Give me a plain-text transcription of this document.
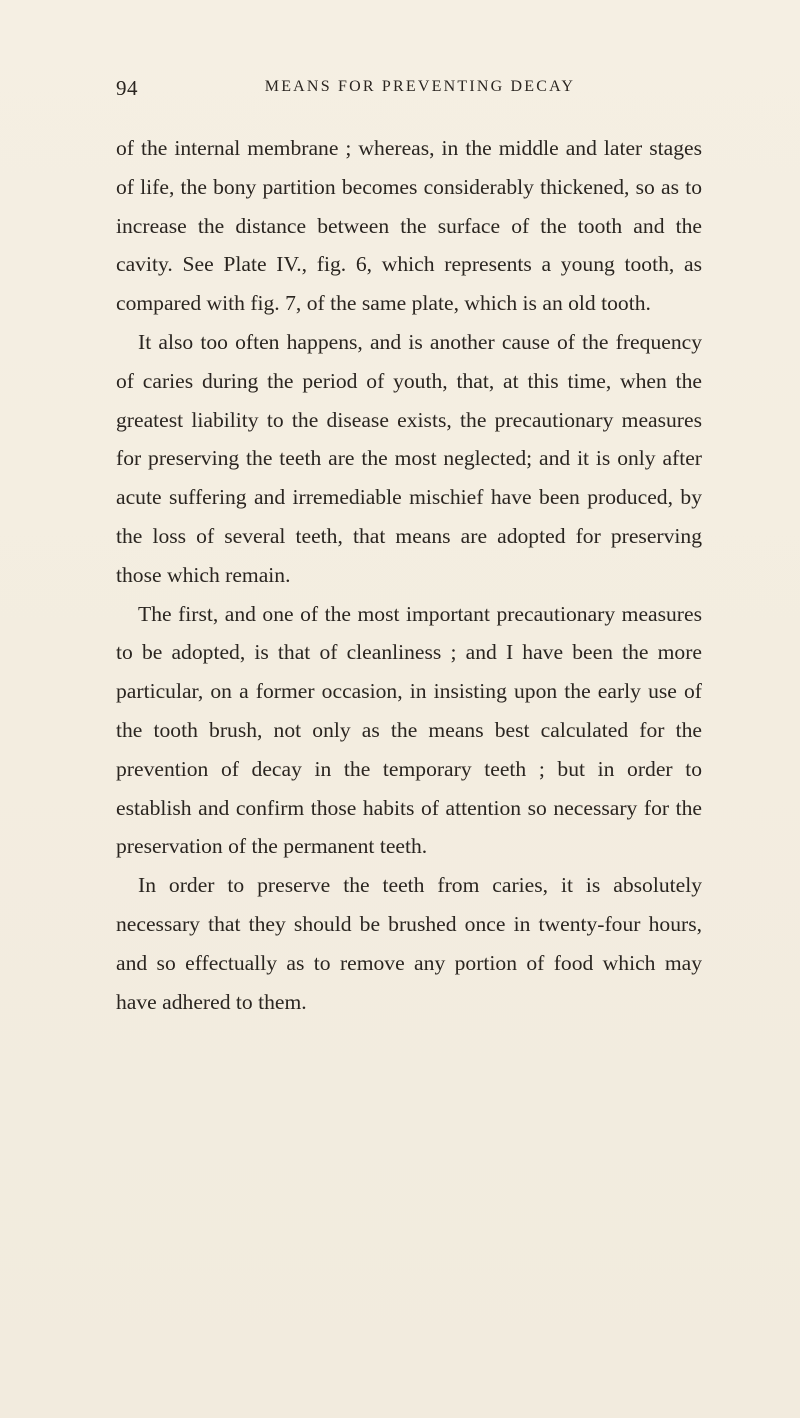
94	MEANS FOR PREVENTING DECAY

of the internal membrane ; whereas, in the middle and later stages of life, the bony partition becomes considerably thickened, so as to increase the distance between the surface of the tooth and the cavity. See Plate IV., fig. 6, which represents a young tooth, as compared with fig. 7, of the same plate, which is an old tooth.

It also too often happens, and is another cause of the frequency of caries during the period of youth, that, at this time, when the greatest liability to the disease exists, the precautionary measures for preserving the teeth are the most neglected; and it is only after acute suffering and irremediable mischief have been produced, by the loss of several teeth, that means are adopted for preserving those which remain.

The first, and one of the most important precautionary measures to be adopted, is that of cleanliness ; and I have been the more particular, on a former occasion, in insisting upon the early use of the tooth brush, not only as the means best calculated for the prevention of decay in the temporary teeth ; but in order to establish and confirm those habits of attention so necessary for the preservation of the permanent teeth.

In order to preserve the teeth from caries, it is absolutely necessary that they should be brushed once in twenty-four hours, and so effectually as to remove any portion of food which may have adhered to them.
